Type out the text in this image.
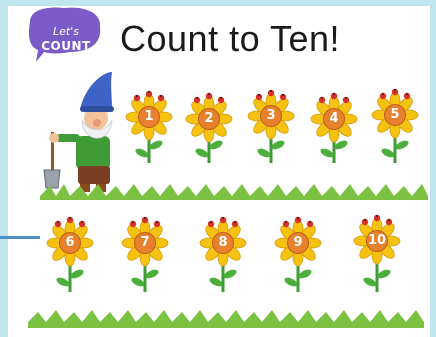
Let's
COUNT Count to Ten!
1	2	3	4	5
6	7	8	9	10
